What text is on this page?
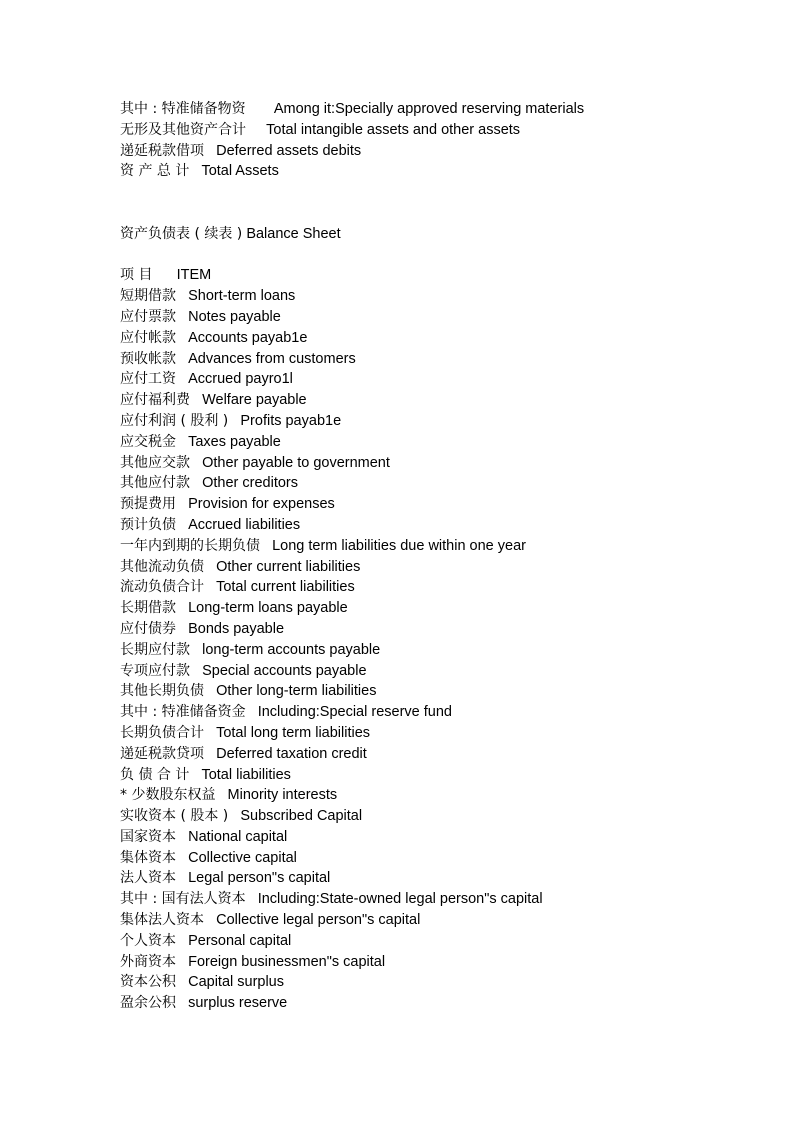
其中 : 特准储备物资 Among it:Specially approved reserving materials
无形及其他资产合计 Total intangible assets and other assets
递延税款借项 Deferred assets debits
资 产 总 计 Total Assets
资产负债表 ( 续表 ) Balance Sheet
项 目 ITEM
短期借款 Short-term loans
应付票款 Notes payable
应付帐款 Accounts payab1e
预收帐款 Advances from customers
应付工资 Accrued payro1l
应付福利费 Welfare payable
应付利润 ( 股利 ) Profits payab1e
应交税金 Taxes payable
其他应交款 Other payable to government
其他应付款 Other creditors
预提费用 Provision for expenses
预计负债 Accrued liabilities
一年内到期的长期负债 Long term liabilities due within one year
其他流动负债 Other current liabilities
流动负债合计 Total current liabilities
长期借款 Long-term loans payable
应付债券 Bonds payable
长期应付款 long-term accounts payable
专项应付款 Special accounts payable
其他长期负债 Other long-term liabilities
其中 : 特准储备资金 Including:Special reserve fund
长期负债合计 Total long term liabilities
递延税款贷项 Deferred taxation credit
负 债 合 计 Total liabilities
* 少数股东权益 Minority interests
实收资本 ( 股本 ) Subscribed Capital
国家资本 National capital
集体资本 Collective capital
法人资本 Legal person"s capital
其中 : 国有法人资本 Including:State-owned legal person"s capital
集体法人资本 Collective legal person"s capital
个人资本 Personal capital
外商资本 Foreign businessmen"s capital
资本公积 Capital surplus
盈余公积 surplus reserve
